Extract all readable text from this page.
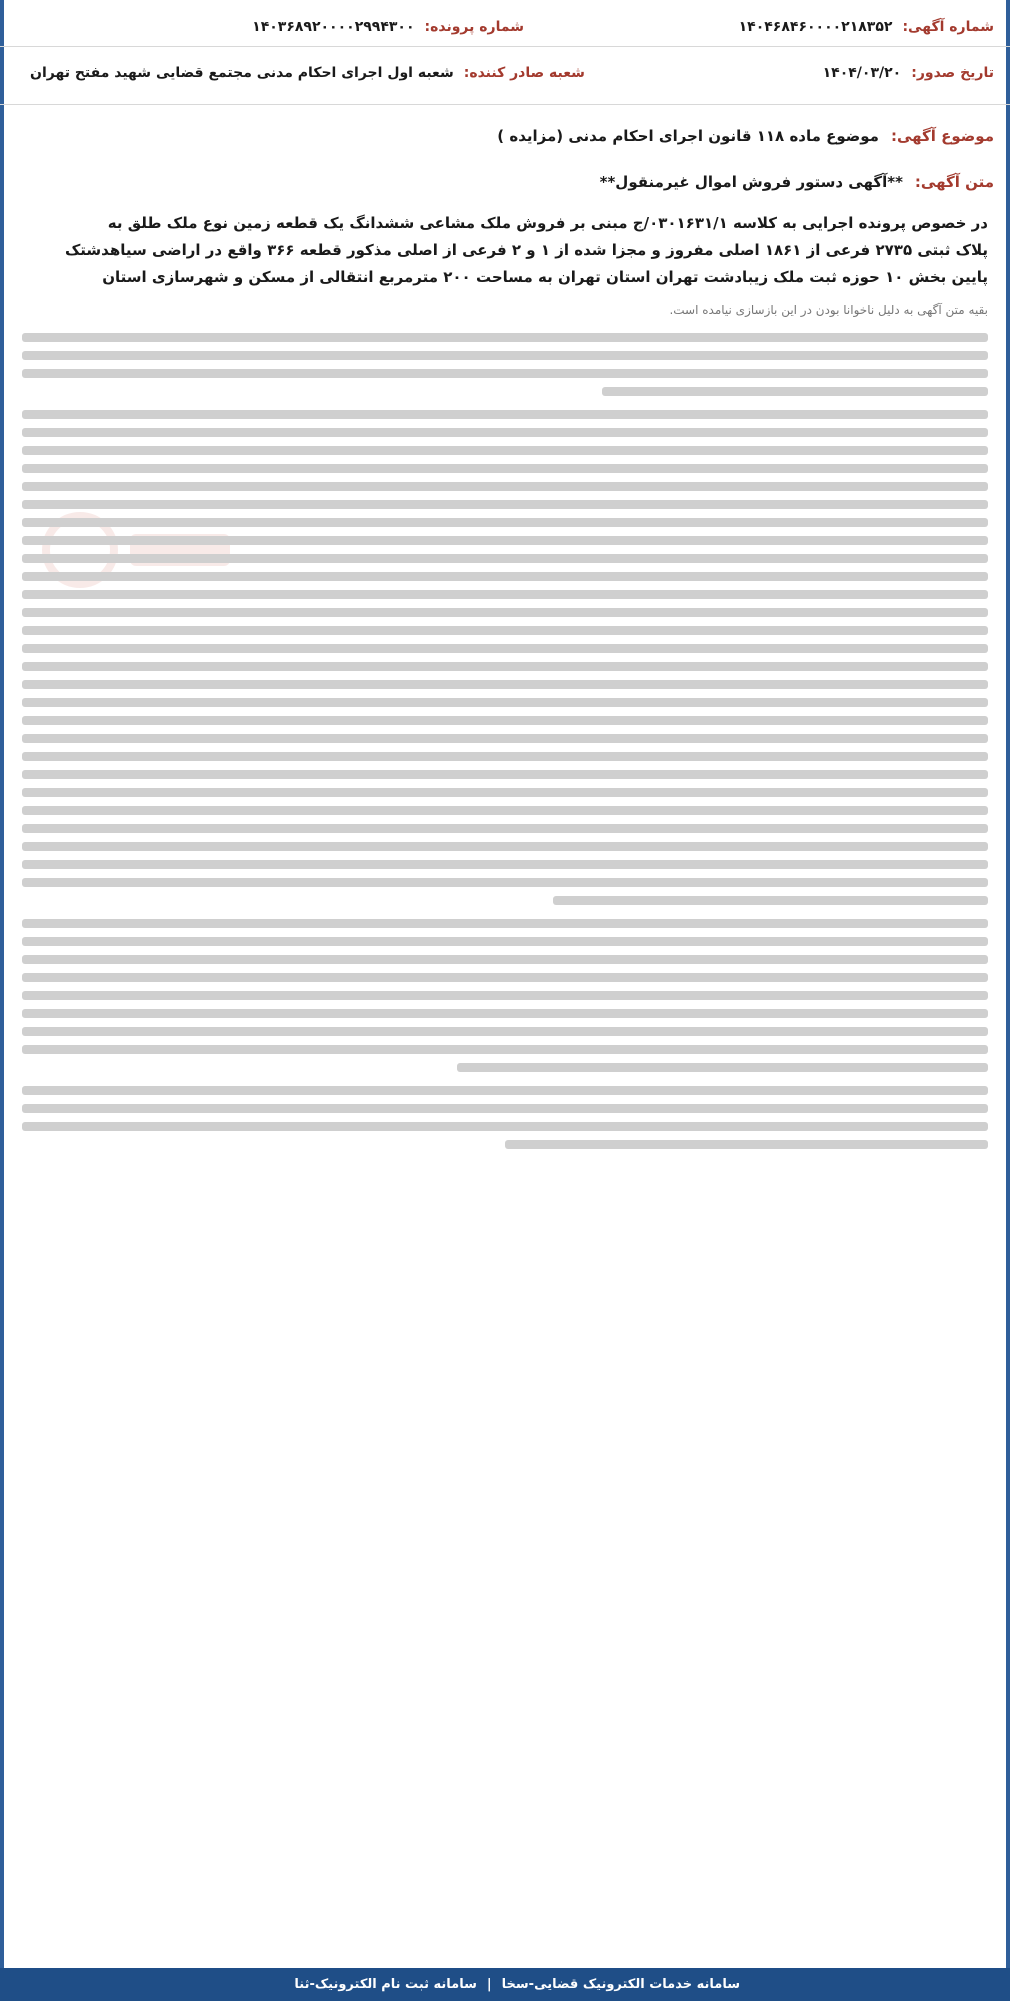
شماره آگهی:
۱۴۰۴۶۸۴۶۰۰۰۰۲۱۸۳۵۲
شماره پرونده:
۱۴۰۳۶۸۹۲۰۰۰۰۲۹۹۴۳۰۰
تاریخ صدور:
۱۴۰۴/۰۳/۲۰
شعبه صادر کننده:
شعبه اول اجرای احکام مدنی مجتمع قضایی شهید مفتح تهران
موضوع آگهی:
موضوع ماده ۱۱۸ قانون اجرای احکام مدنی (مزایده )
متن آگهی:
**آگهی دستور فروش اموال غیرمنقول**

در خصوص پرونده اجرایی به کلاسه ۰۳۰۱۶۳۱/۱/ج مبنی بر فروش ملک مشاعی ششدانگ یک قطعه زمین نوع ملک طلق به

پلاک ثبتی ۲۷۳۵ فرعی از ۱۸۶۱ اصلی مفروز و مجزا شده از ۱ و ۲ فرعی از اصلی مذکور قطعه ۳۶۶ واقع در اراضی سیاهدشتک

پایین بخش ۱۰ حوزه ثبت ملک زیبادشت تهران استان تهران به مساحت ۲۰۰ مترمربع انتقالی از مسکن و شهرسازی استان

بقیه متن آگهی به دلیل ناخوانا بودن در این بازسازی نیامده است.

سامانه خدمات الکترونیک قضایی-سخا
|
سامانه ثبت نام الکترونیک-ثنا
